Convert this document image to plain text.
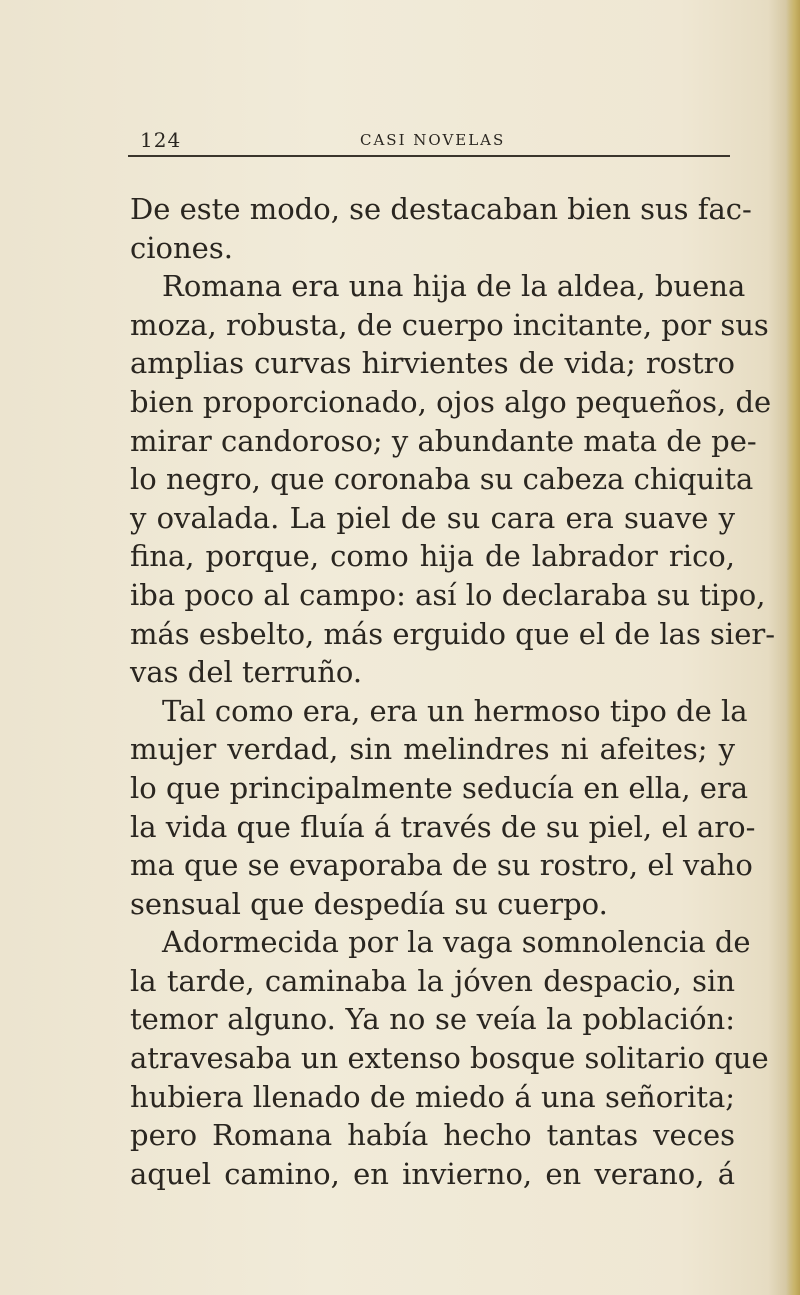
124	CASI NOVELAS
De este modo, se destacaban bien sus fac-
ciones.
Romana era una hija de la aldea, buena
moza, robusta, de cuerpo incitante, por sus
amplias curvas hirvientes de vida; rostro
bien proporcionado, ojos algo pequeños, de
mirar candoroso; y abundante mata de pe-
lo negro, que coronaba su cabeza chiquita
y ovalada. La piel de su cara era suave y
fina, porque, como hija de labrador rico,
iba poco al campo: así lo declaraba su tipo,
más esbelto, más erguido que el de las sier-
vas del terruño.
Tal como era, era un hermoso tipo de la
mujer verdad, sin melindres ni afeites; y
lo que principalmente seducía en ella, era
la vida que fluía á través de su piel, el aro-
ma que se evaporaba de su rostro, el vaho
sensual que despedía su cuerpo.
Adormecida por la vaga somnolencia de
la tarde, caminaba la jóven despacio, sin
temor alguno. Ya no se veía la población:
atravesaba un extenso bosque solitario que
hubiera llenado de miedo á una señorita;
pero Romana había hecho tantas veces
aquel camino, en invierno, en verano, á
